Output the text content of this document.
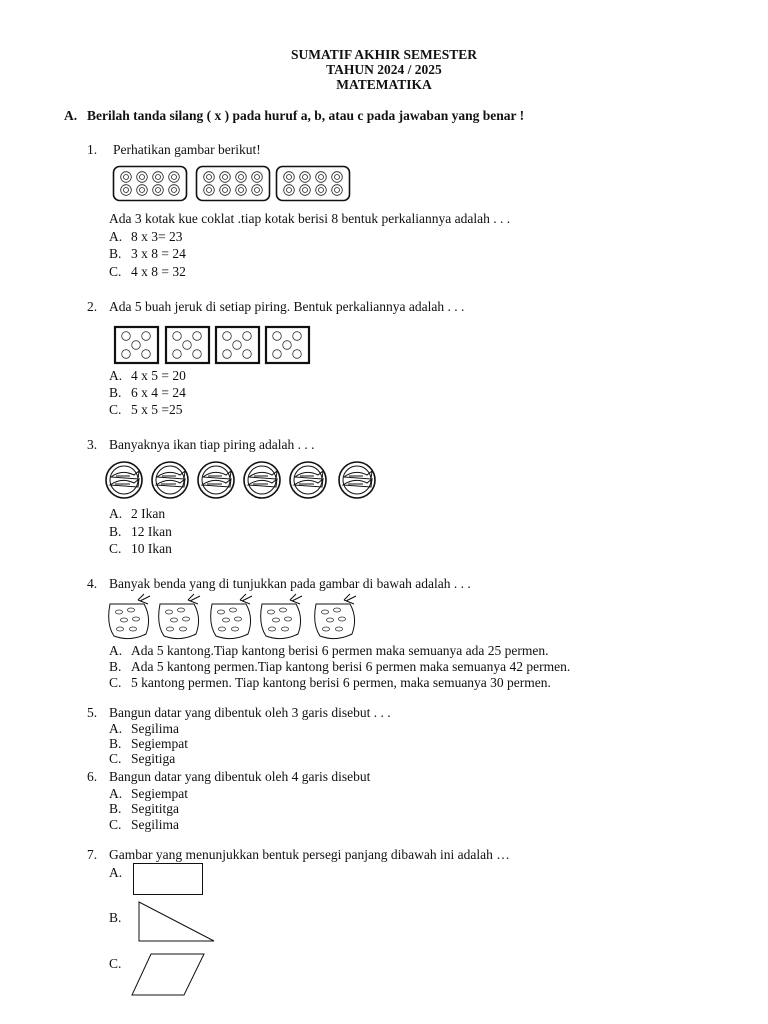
SUMATIF AKHIR SEMESTER
TAHUN 2024 / 2025
MATEMATIKA
A. Berilah tanda silang ( x ) pada huruf a, b, atau c pada jawaban yang benar !
1. Perhatikan gambar berikut!
Ada 3 kotak kue coklat .tiap kotak berisi 8 bentuk perkaliannya adalah . . .
A. 8 x 3= 23
B. 3 x 8 = 24
C. 4 x 8 = 32
2. Ada 5 buah jeruk di setiap piring. Bentuk perkaliannya adalah . . .
A. 4 x 5 = 20
B. 6 x 4 = 24
C. 5 x 5 =25
3. Banyaknya ikan tiap piring adalah . . .
A. 2 Ikan
B. 12 Ikan
C. 10 Ikan
4. Banyak benda yang di tunjukkan pada gambar di bawah adalah . . .
A. Ada 5 kantong.Tiap kantong berisi 6 permen maka semuanya ada 25 permen.
B. Ada 5 kantong permen.Tiap kantong berisi 6 permen maka semuanya 42 permen.
C. 5 kantong permen. Tiap kantong berisi 6 permen, maka semuanya 30 permen.
5. Bangun datar yang dibentuk oleh 3 garis disebut . . .
A. Segilima
B. Segiempat
C. Segitiga
6. Bangun datar yang dibentuk oleh 4 garis disebut
A. Segiempat
B. Segititga
C. Segilima
7. Gambar yang menunjukkan bentuk persegi panjang dibawah ini adalah …
A.
B.
C.
